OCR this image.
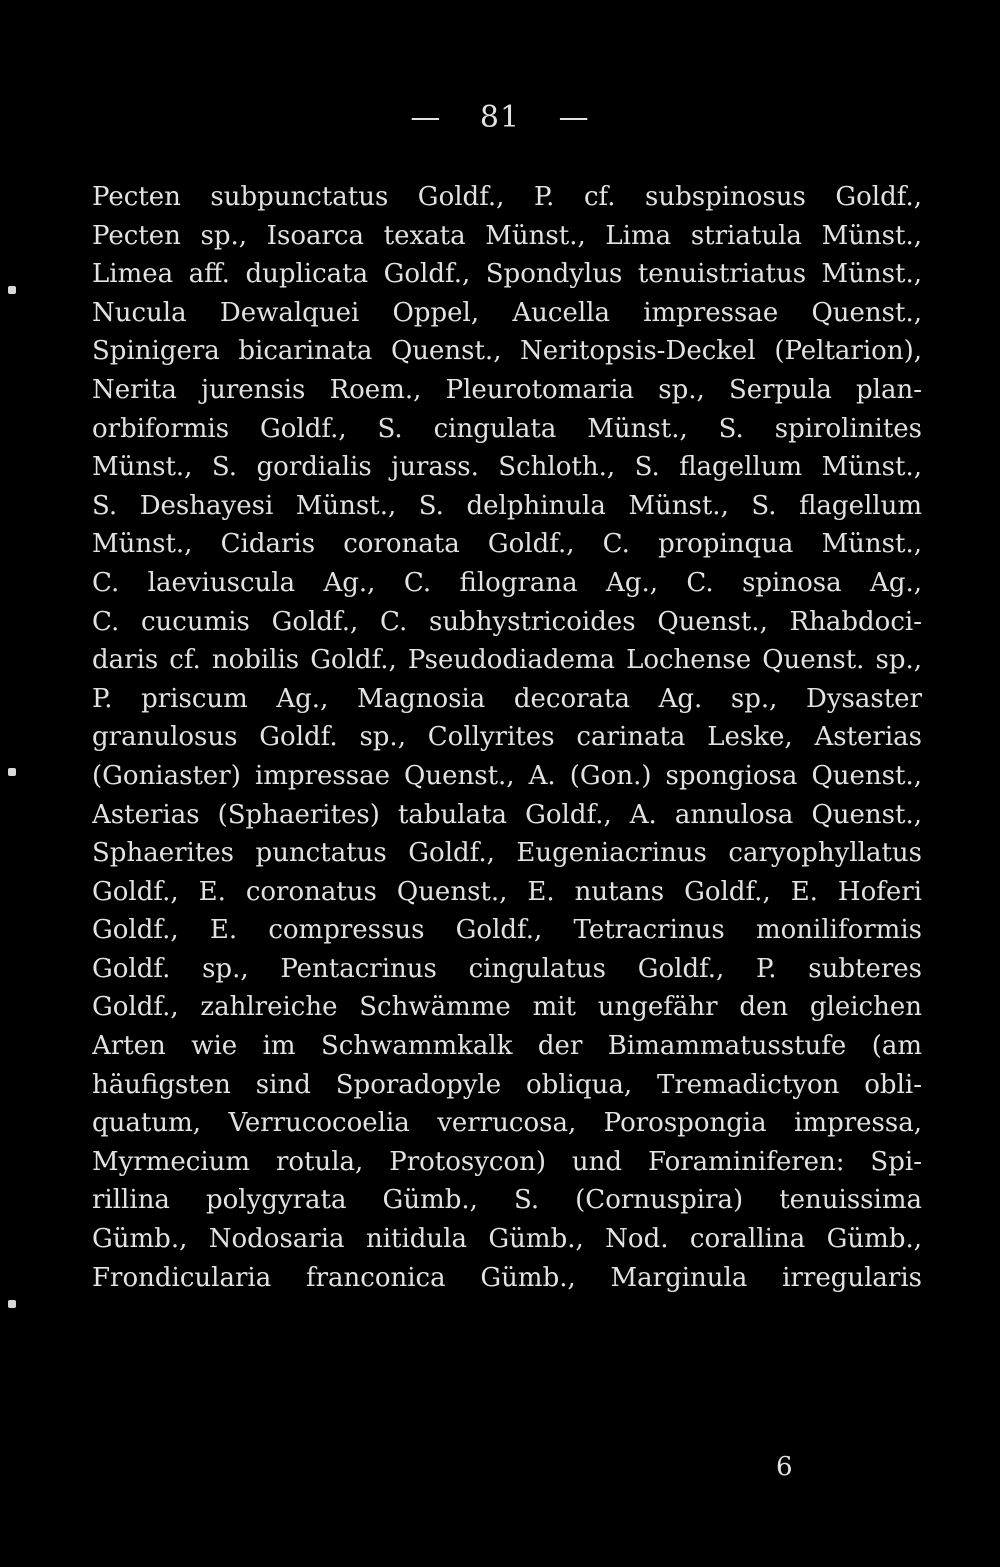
— 81 —
Pecten subpunctatus Goldf., P. cf. subspinosus Goldf.,
Pecten sp., Isoarca texata Münst., Lima striatula Münst.,
Limea aff. duplicata Goldf., Spondylus tenuistriatus Münst.,
Nucula Dewalquei Oppel, Aucella impressae Quenst.,
Spinigera bicarinata Quenst., Neritopsis-Deckel (Peltarion),
Nerita jurensis Roem., Pleurotomaria sp., Serpula plan-
orbiformis Goldf., S. cingulata Münst., S. spirolinites
Münst., S. gordialis jurass. Schloth., S. flagellum Münst.,
S. Deshayesi Münst., S. delphinula Münst., S. flagellum
Münst., Cidaris coronata Goldf., C. propinqua Münst.,
C. laeviuscula Ag., C. filograna Ag., C. spinosa Ag.,
C. cucumis Goldf., C. subhystricoides Quenst., Rhabdoci-
daris cf. nobilis Goldf., Pseudodiadema Lochense Quenst. sp.,
P. priscum Ag., Magnosia decorata Ag. sp., Dysaster
granulosus Goldf. sp., Collyrites carinata Leske, Asterias
(Goniaster) impressae Quenst., A. (Gon.) spongiosa Quenst.,
Asterias (Sphaerites) tabulata Goldf., A. annulosa Quenst.,
Sphaerites punctatus Goldf., Eugeniacrinus caryophyllatus
Goldf., E. coronatus Quenst., E. nutans Goldf., E. Hoferi
Goldf., E. compressus Goldf., Tetracrinus moniliformis
Goldf. sp., Pentacrinus cingulatus Goldf., P. subteres
Goldf., zahlreiche Schwämme mit ungefähr den gleichen
Arten wie im Schwammkalk der Bimammatusstufe (am
häufigsten sind Sporadopyle obliqua, Tremadictyon obli-
quatum, Verrucocoelia verrucosa, Porospongia impressa,
Myrmecium rotula, Protosycon) und Foraminiferen: Spi-
rillina polygyrata Gümb., S. (Cornuspira) tenuissima
Gümb., Nodosaria nitidula Gümb., Nod. corallina Gümb.,
Frondicularia franconica Gümb., Marginula irregularis
6
